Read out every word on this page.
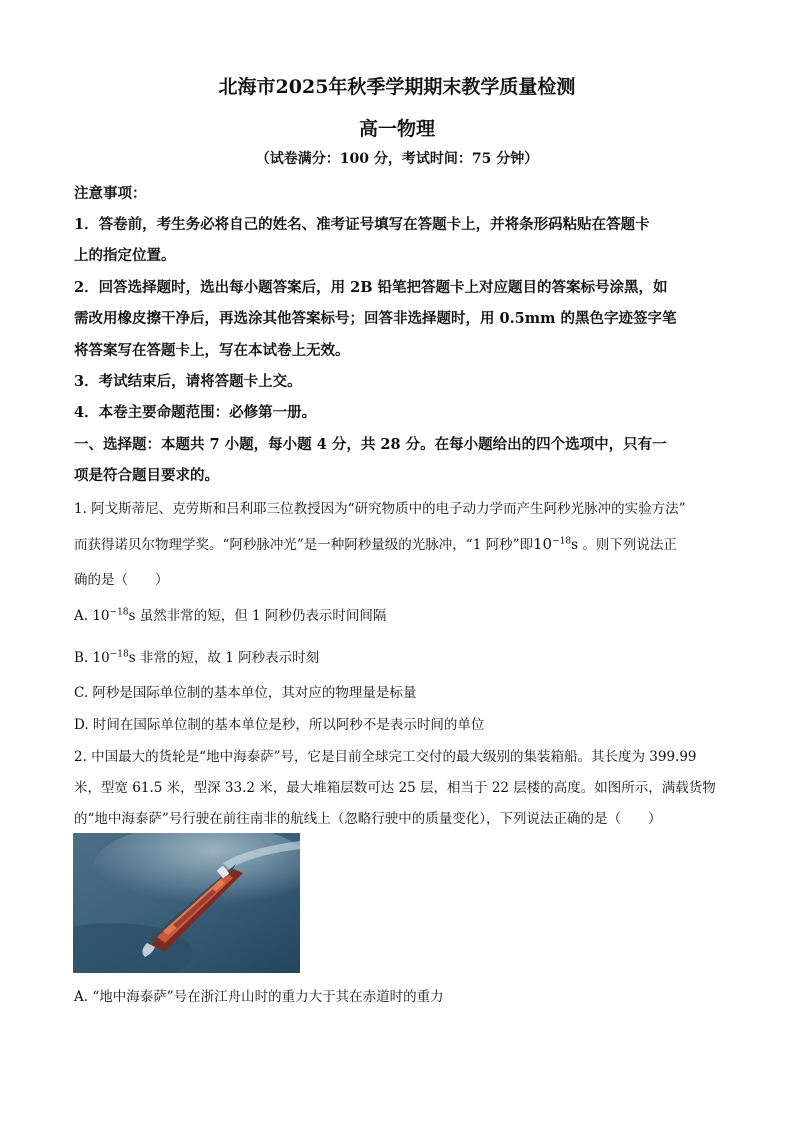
北海市2025年秋季学期期末教学质量检测
高一物理
（试卷满分：100 分，考试时间：75 分钟）
注意事项：
1．答卷前，考生务必将自己的姓名、准考证号填写在答题卡上，并将条形码粘贴在答题卡
上的指定位置。
2．回答选择题时，选出每小题答案后，用 2B 铅笔把答题卡上对应题目的答案标号涂黑，如
需改用橡皮擦干净后，再选涂其他答案标号；回答非选择题时，用 0.5mm 的黑色字迹签字笔
将答案写在答题卡上，写在本试卷上无效。
3．考试结束后，请将答题卡上交。
4．本卷主要命题范围：必修第一册。
一、选择题：本题共 7 小题，每小题 4 分，共 28 分。在每小题给出的四个选项中，只有一
项是符合题目要求的。
1. 阿戈斯蒂尼、克劳斯和吕利耶三位教授因为“研究物质中的电子动力学而产生阿秒光脉冲的实验方法”
而获得诺贝尔物理学奖。“阿秒脉冲光”是一种阿秒量级的光脉冲，“1 阿秒”即$10^{-18}s$ 。则下列说法正
确的是（　　）
A. $10^{-18}s$ 虽然非常的短，但 1 阿秒仍表示时间间隔
B. $10^{-18}s$ 非常的短，故 1 阿秒表示时刻
C. 阿秒是国际单位制的基本单位，其对应的物理量是标量
D. 时间在国际单位制的基本单位是秒，所以阿秒不是表示时间的单位
2. 中国最大的货轮是“地中海泰萨”号，它是目前全球完工交付的最大级别的集装箱船。其长度为 399.99
米，型宽 61.5 米，型深 33.2 米，最大堆箱层数可达 25 层，相当于 22 层楼的高度。如图所示，满载货物
的“地中海泰萨”号行驶在前往南非的航线上（忽略行驶中的质量变化），下列说法正确的是（　　）
A. “地中海泰萨”号在浙江舟山时的重力大于其在赤道时的重力
